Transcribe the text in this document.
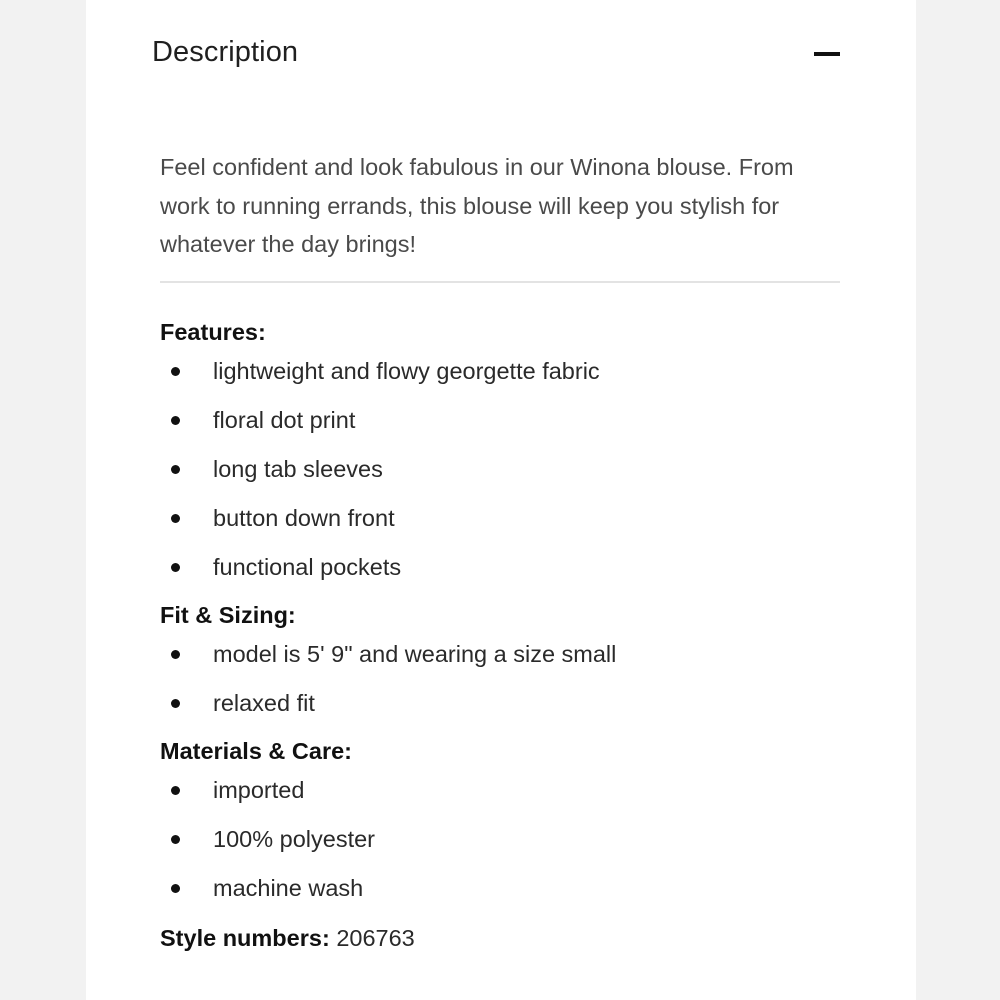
Description

Feel confident and look fabulous in our Winona blouse. From work to running errands, this blouse will keep you stylish for whatever the day brings!

Features:
lightweight and flowy georgette fabric
floral dot print
long tab sleeves
button down front
functional pockets
Fit & Sizing:
model is 5' 9" and wearing a size small
relaxed fit
Materials & Care:
imported
100% polyester
machine wash
Style numbers: 206763
